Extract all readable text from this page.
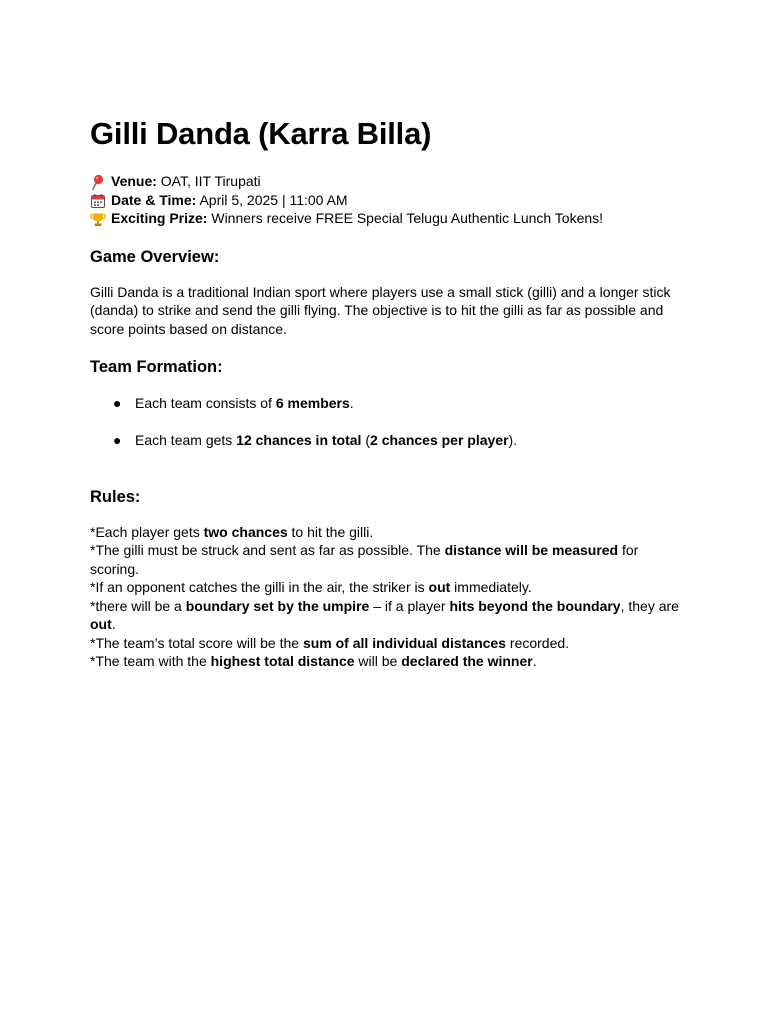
Gilli Danda (Karra Billa)
Venue: OAT, IIT Tirupati
Date & Time: April 5, 2025 | 11:00 AM
Exciting Prize: Winners receive FREE Special Telugu Authentic Lunch Tokens!
Game Overview:

Gilli Danda is a traditional Indian sport where players use a small stick (gilli) and a longer stick (danda) to strike and send the gilli flying. The objective is to hit the gilli as far as possible and score points based on distance.

Team Formation:
● Each team consists of 6 members.
● Each team gets 12 chances in total (2 chances per player).
Rules:

*Each player gets two chances to hit the gilli.

*The gilli must be struck and sent as far as possible. The distance will be measured for scoring.

*If an opponent catches the gilli in the air, the striker is out immediately.

*there will be a boundary set by the umpire – if a player hits beyond the boundary, they are out.

*The team’s total score will be the sum of all individual distances recorded.

*The team with the highest total distance will be declared the winner.
